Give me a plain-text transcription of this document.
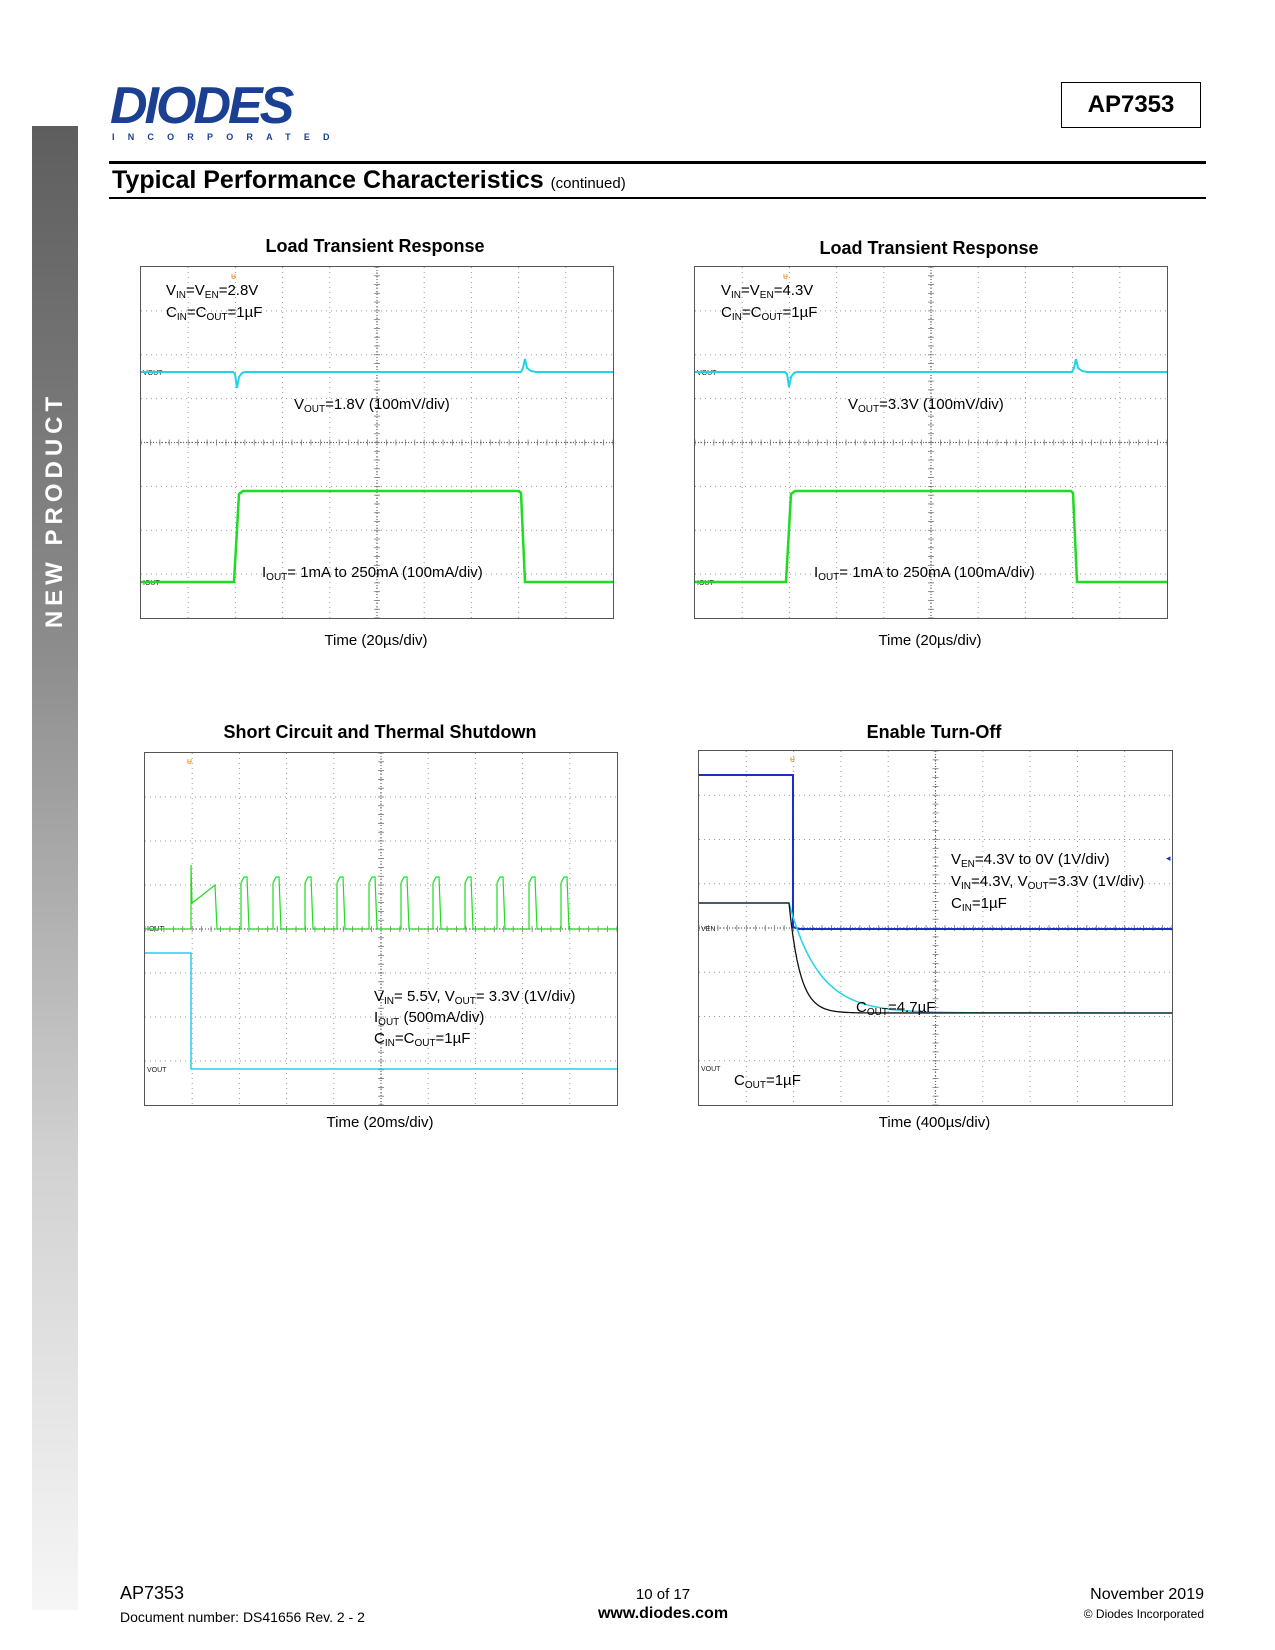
NEW PRODUCT
DIODES
INCORPORATED
AP7353
Typical Performance Characteristics (continued)
Load Transient Response
VOUT
IOUT
ᵾ
$V_{IN}=V_{EN}=2.8V$
$C_{IN}=C_{OUT}=1\mu F$
$V_{OUT}=1.8V$ (100mV/div)
$I_{OUT}= 1mA$ to 250mA (100mA/div)
Time (20µs/div)
Load Transient Response
VOUT
IOUT
ᵾ
$V_{IN}=V_{EN}=4.3V$
$C_{IN}=C_{OUT}=1\mu F$
$V_{OUT}=3.3V$ (100mV/div)
$I_{OUT}= 1mA$ to 250mA (100mA/div)
Time (20µs/div)
Short Circuit and Thermal Shutdown
IOUT
VOUT
ᵾ
$V_{IN}= 5.5V$, $V_{OUT}= 3.3V$ (1V/div)
$I_{OUT}$ (500mA/div)
$C_{IN}=C_{OUT}=1\mu F$
Time (20ms/div)
Enable Turn-Off
VEN
VOUT
ᵾ
◂
$V_{EN}=4.3V$ to 0V (1V/div)
$V_{IN}=4.3V$, $V_{OUT}=3.3V$ (1V/div)
$C_{IN}=1\mu F$
$C_{OUT}=4.7\mu F$
$C_{OUT}=1\mu F$
Time (400µs/div)
AP7353
Document number: DS41656 Rev. 2 - 2
10 of 17
www.diodes.com
November 2019
© Diodes Incorporated
